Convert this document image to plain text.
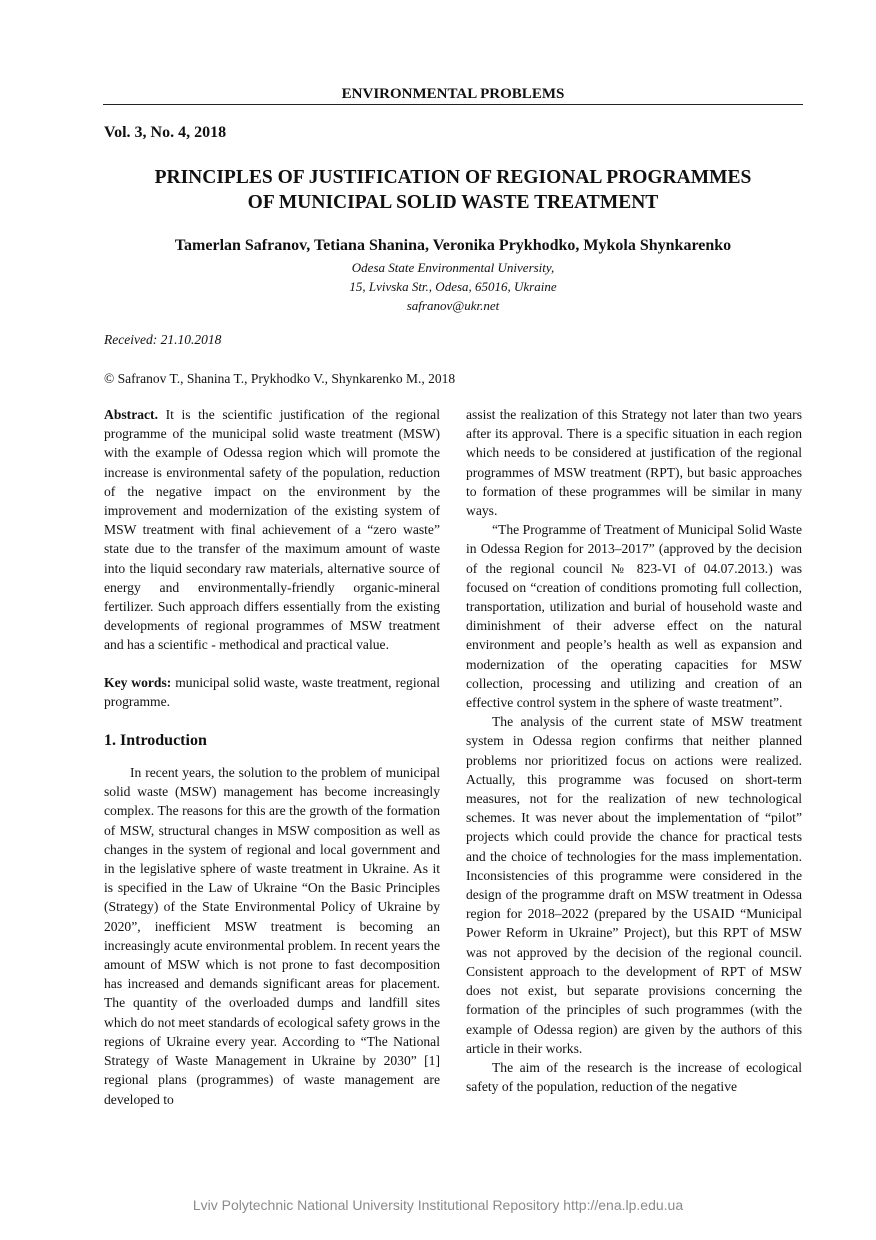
ENVIRONMENTAL PROBLEMS
Vol. 3, No. 4, 2018
PRINCIPLES OF JUSTIFICATION OF REGIONAL PROGRAMMES
OF MUNICIPAL SOLID WASTE TREATMENT
Tamerlan Safranov, Tetiana Shanina, Veronika Prykhodko, Mykola Shynkarenko
Odesa State Environmental University,
15, Lvivska Str., Odesa, 65016, Ukraine
safranov@ukr.net
Received: 21.10.2018
© Safranov T., Shanina T., Prykhodko V., Shynkarenko M., 2018

Abstract. It is the scientific justification of the regional programme of the municipal solid waste treatment (MSW) with the example of Odessa region which will promote the increase is environmental safety of the population, reduction of the negative impact on the environment by the improvement and modernization of the existing system of MSW treatment with final achievement of a “zero waste” state due to the transfer of the maximum amount of waste into the liquid secondary raw materials, alternative source of energy and environmentally-friendly organic-mineral fertilizer. Such approach differs essentially from the existing developments of regional programmes of MSW treatment and has a scientific - methodical and practical value.

Key words: municipal solid waste, waste treatment, regional programme.

1. Introduction

In recent years, the solution to the problem of municipal solid waste (MSW) management has become increasingly complex. The reasons for this are the growth of the formation of MSW, structural changes in MSW composition as well as changes in the system of regional and local government and in the legislative sphere of waste treatment in Ukraine. As it is specified in the Law of Ukraine “On the Basic Principles (Strategy) of the State Environmental Policy of Ukraine by 2020”, inefficient MSW treatment is becoming an increasingly acute environmental problem. In recent years the amount of MSW which is not prone to fast decomposition has increased and demands significant areas for placement. The quantity of the overloaded dumps and landfill sites which do not meet standards of ecological safety grows in the regions of Ukraine every year. According to “The National Strategy of Waste Management in Ukraine by 2030” [1] regional plans (programmes) of waste management are developed to

assist the realization of this Strategy not later than two years after its approval. There is a specific situation in each region which needs to be considered at justification of the regional programmes of MSW treatment (RPT), but basic approaches to formation of these programmes will be similar in many ways.

“The Programme of Treatment of Municipal Solid Waste in Odessa Region for 2013–2017” (approved by the decision of the regional council № 823-VI of 04.07.2013.) was focused on “creation of conditions promoting full collection, transportation, utilization and burial of household waste and diminishment of their adverse effect on the natural environment and people’s health as well as expansion and modernization of the operating capacities for MSW collection, processing and utilizing and creation of an effective control system in the sphere of waste treatment”.

The analysis of the current state of MSW treatment system in Odessa region confirms that neither planned problems nor prioritized focus on actions were realized. Actually, this programme was focused on short-term measures, not for the realization of new technological schemes. It was never about the implementation of “pilot” projects which could provide the chance for practical tests and the choice of technologies for the mass implementation. Inconsistencies of this programme were considered in the design of the programme draft on MSW treatment in Odessa region for 2018–2022 (prepared by the USAID “Municipal Power Reform in Ukraine” Project), but this RPT of MSW was not approved by the decision of the regional council. Consistent approach to the development of RPT of MSW does not exist, but separate provisions concerning the formation of the principles of such programmes (with the example of Odessa region) are given by the authors of this article in their works.

The aim of the research is the increase of ecological safety of the population, reduction of the negative

Lviv Polytechnic National University Institutional Repository http://ena.lp.edu.ua
